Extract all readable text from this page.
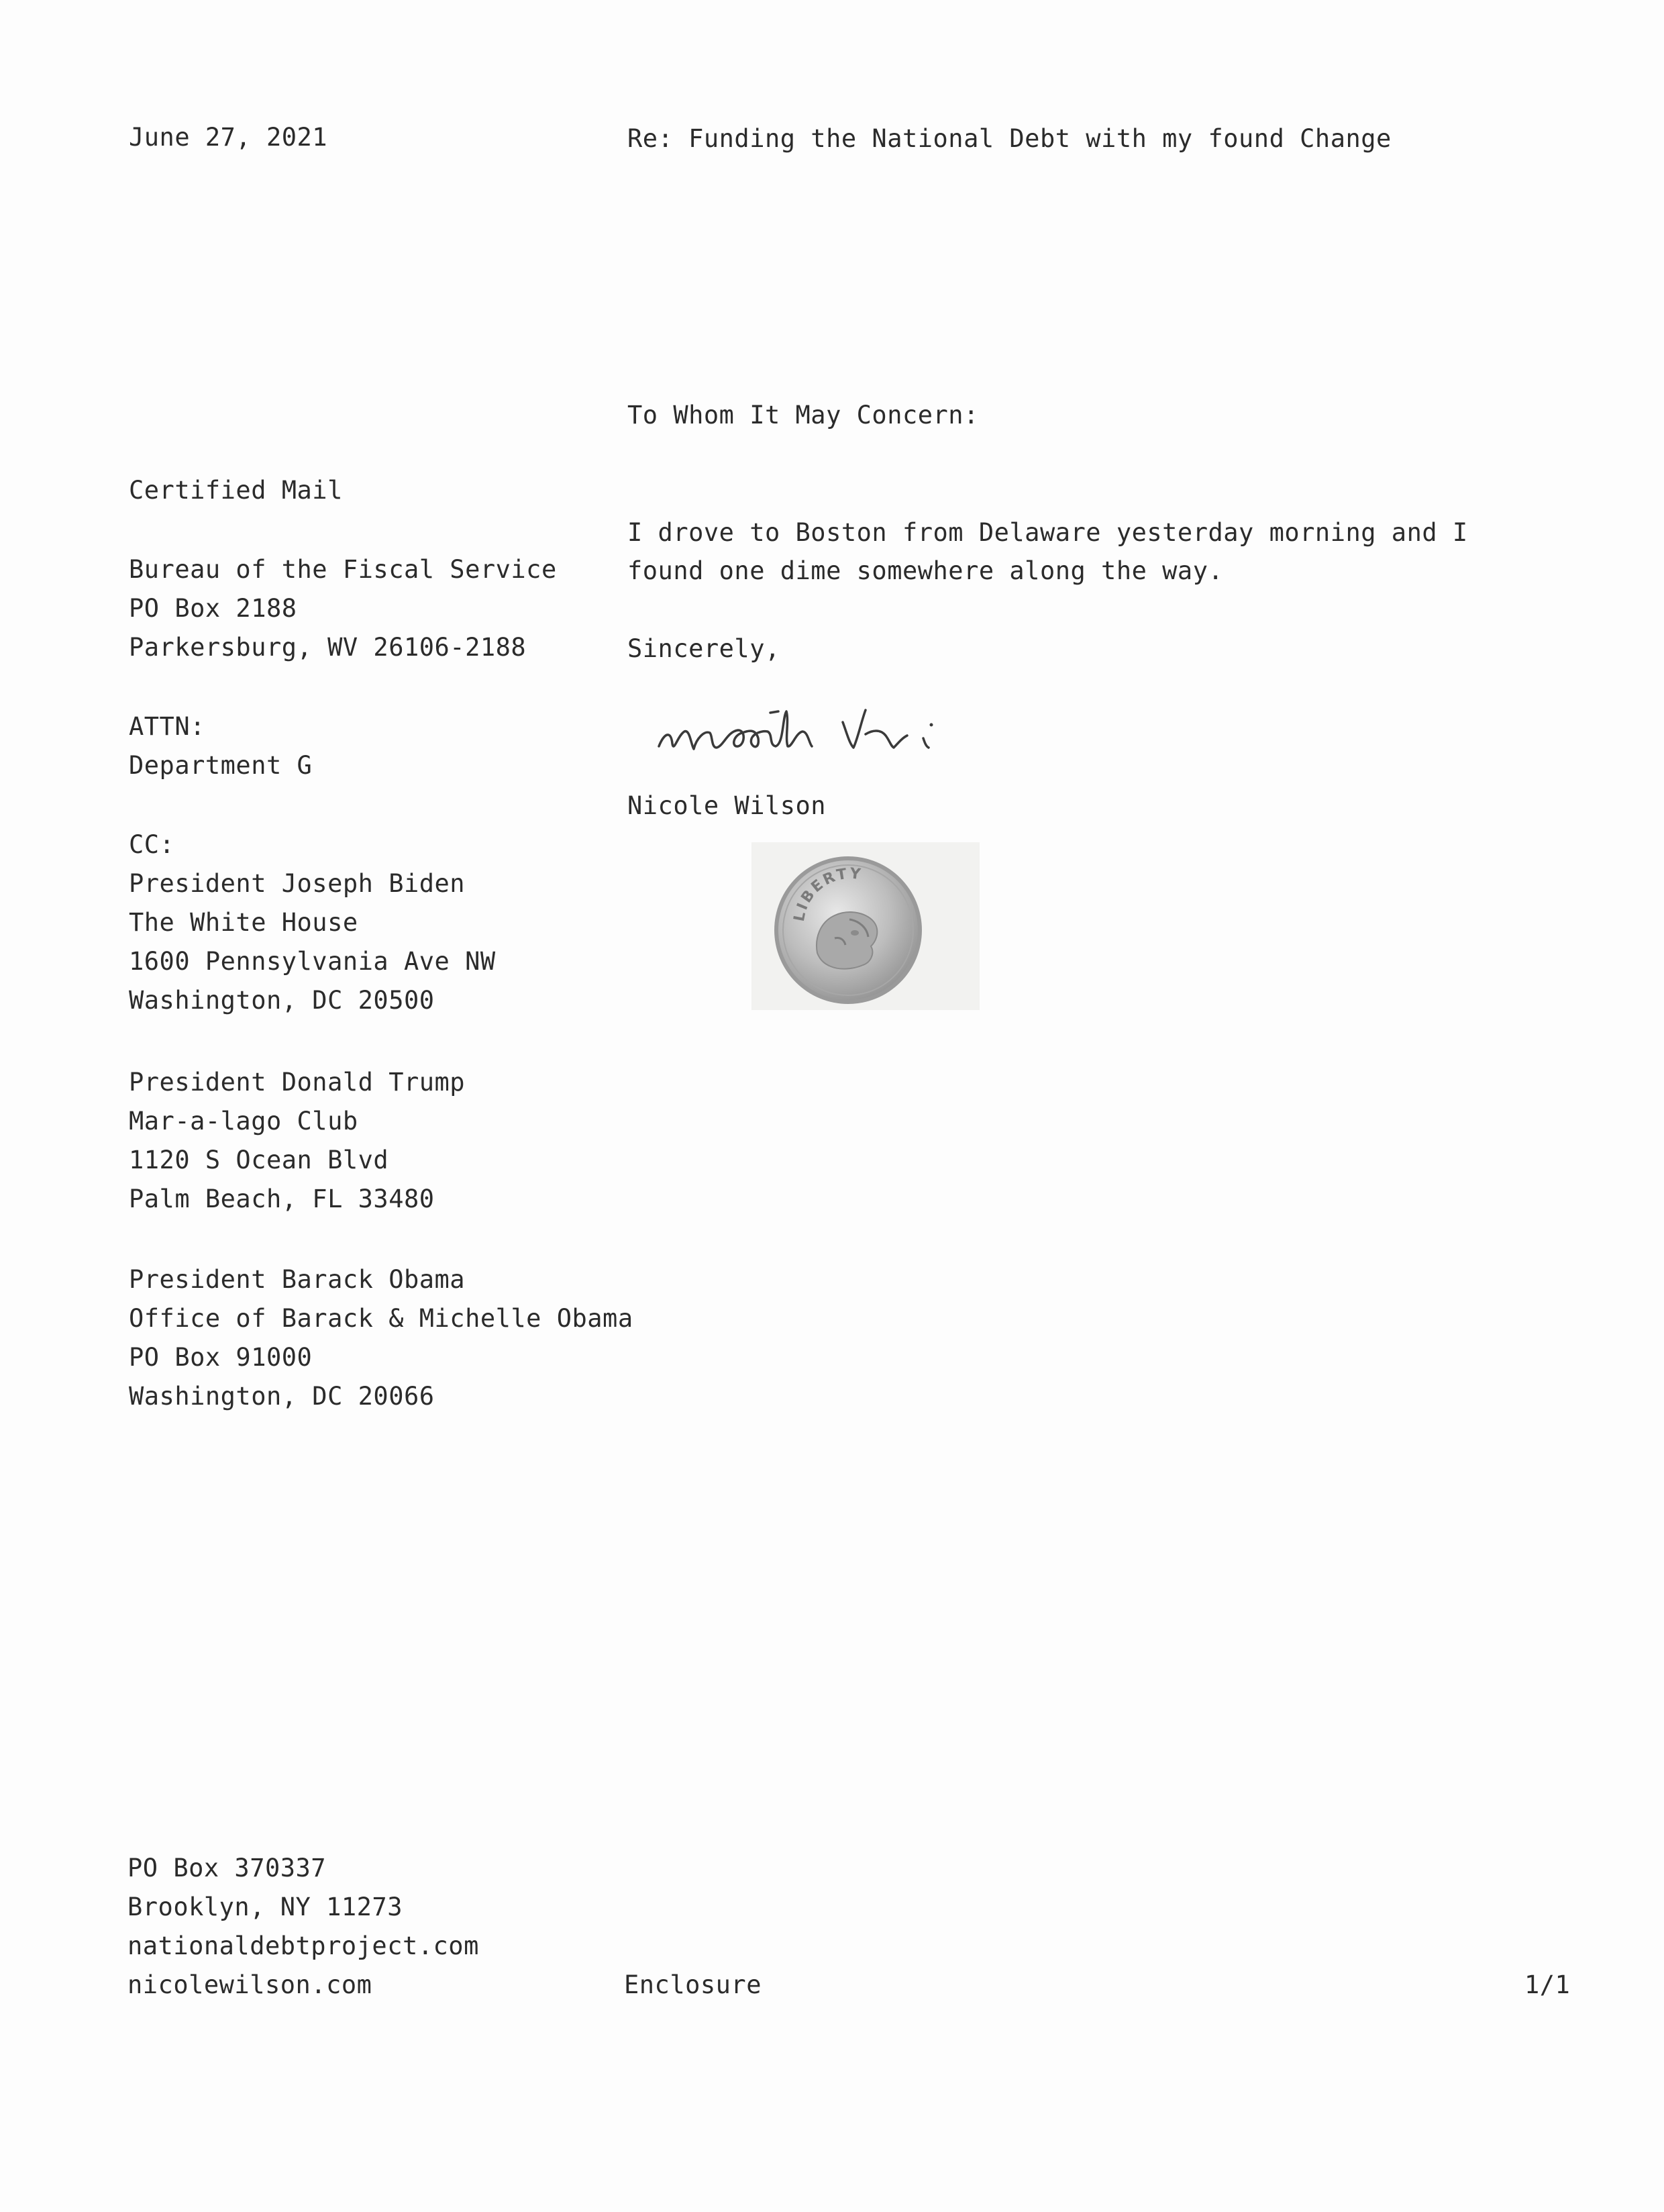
June 27, 2021	Re: Funding the National Debt with my found Change
To Whom It May Concern:
Certified Mail
Bureau of the Fiscal Service
PO Box 2188
Parkersburg, WV 26106-2188
ATTN:
Department G
CC:
President Joseph Biden
The White House
1600 Pennsylvania Ave NW
Washington, DC 20500
President Donald Trump
Mar-a-lago Club
1120 S Ocean Blvd
Palm Beach, FL 33480
President Barack Obama
Office of Barack & Michelle Obama
PO Box 91000
Washington, DC 20066
I drove to Boston from Delaware yesterday morning and I found one dime somewhere along the way.
Sincerely,
nicole wilson
Nicole Wilson
LIBERTY
PO Box 370337
Brooklyn, NY 11273
nationaldebtproject.com
nicolewilson.com	Enclosure	1/1
